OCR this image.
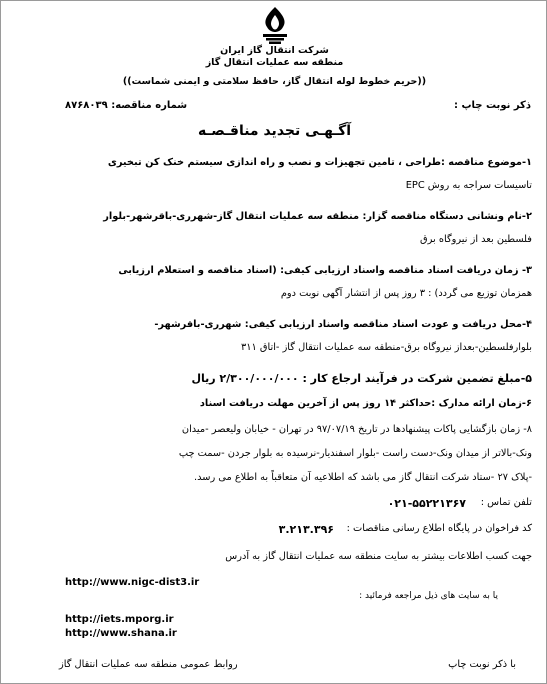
شرکت انتقال گاز ایران
منطقه سه عملیات انتقال گاز
((حریم خطوط لوله انتقال گاز، حافظ سلامتی و ایمنی شماست))
ذکر نوبت چاپ :
شماره مناقصه: ۸۷۶۸۰۳۹
آگـهـی تجدید مناقـصـه
۱-موضوع مناقصه :طراحی ، تامین تجهیزات و نصب و راه اندازی سیستم خنک کن تبخیری
تاسیسات سراجه به روش EPC
۲-نام ونشانی دستگاه مناقصه گزار: منطقه سه عملیات انتقال گاز-شهرری-باقرشهر-بلوار
فلسطین بعد از نیروگاه برق
۳- زمان دریافت اسناد مناقصه واسناد ارزیابی کیفی: (اسناد مناقصه و استعلام ارزیابی
همزمان توزیع می گردد) : ۳ روز پس از انتشار آگهی نوبت دوم
۴-محل دریافت و عودت اسناد مناقصه واسناد ارزیابی کیفی: شهرری-باقرشهر-
بلوارفلسطین-بعداز نیروگاه برق-منطقه سه عملیات انتقال گاز -اتاق ۳۱۱
۵-مبلغ تضمین شرکت در فرآیند ارجاع کار : ۲/۳۰۰/۰۰۰/۰۰۰ ریال
۶-زمان ارائه مدارک :حداکثر ۱۴ روز پس از آخرین مهلت دریافت اسناد
۸- زمان بازگشایی پاکات پیشنهادها در تاریخ ۹۷/۰۷/۱۹ در تهران - خیابان ولیعصر -میدان
ونک-بالاتر از میدان ونک-دست راست -بلوار اسفندیار-نرسیده به بلوار جردن -سمت چپ
-پلاک ۲۷ -ستاد شرکت انتقال گاز می باشد که اطلاعیه آن متعاقباً به اطلاع می رسد.
تلفن تماس :
۰۲۱-۵۵۲۲۱۳۶۷
کد فراخوان در پایگاه اطلاع رسانی مناقصات :
۳.۲۱۳.۳۹۶
جهت کسب اطلاعات بیشتر به سایت منطقه سه عملیات انتقال گاز به آدرس
http://www.nigc-dist3.ir
یا به سایت های ذیل مراجعه فرمائید :
http://iets.mporg.ir
http://www.shana.ir
با ذکر نوبت چاپ
روابط عمومی منطقه سه عملیات انتقال گاز
